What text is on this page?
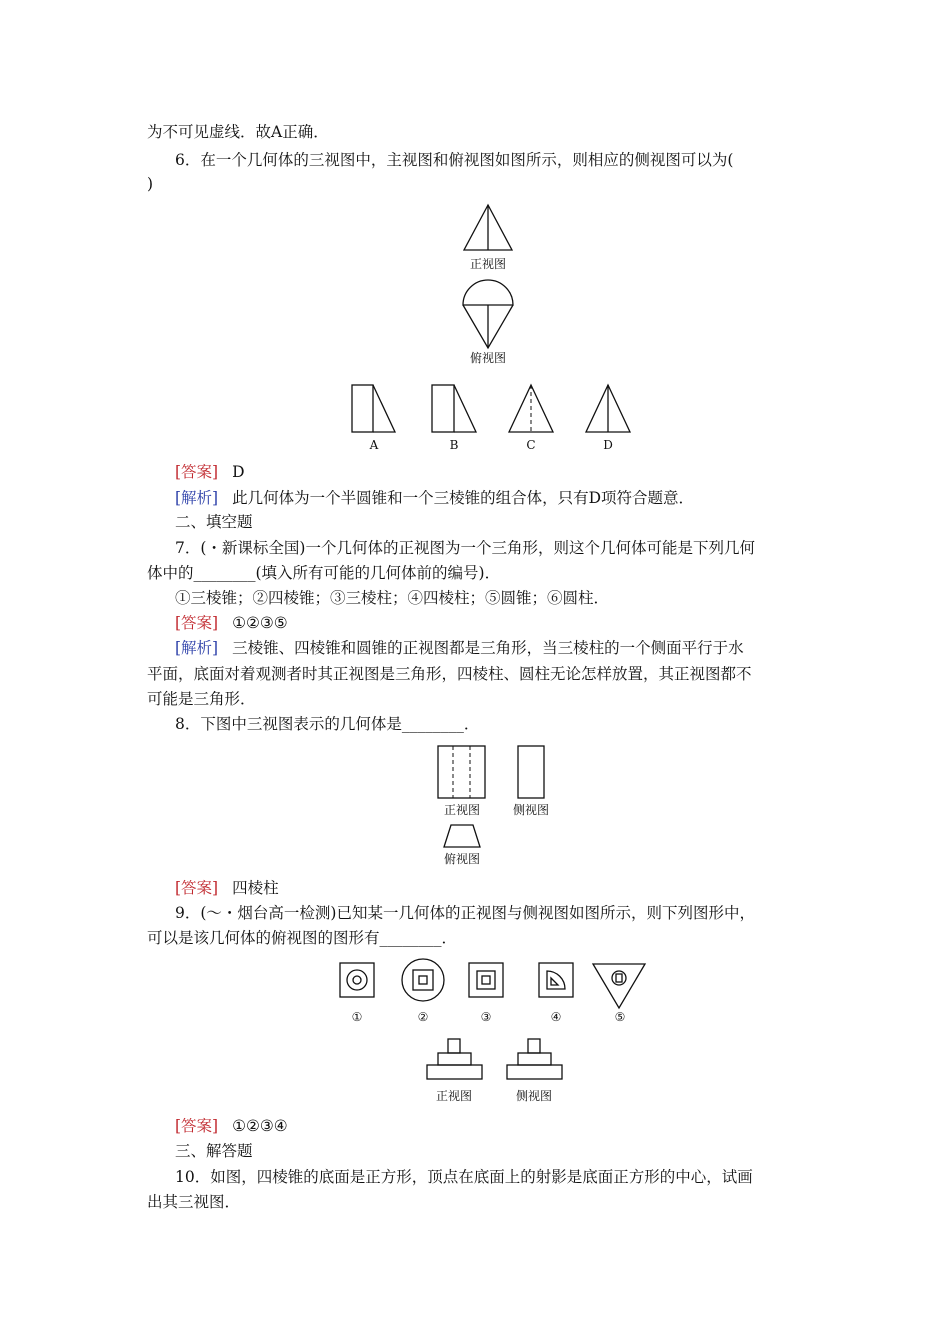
为不可见虚线．故A正确．
6．在一个几何体的三视图中，主视图和俯视图如图所示，则相应的侧视图可以为(
)
正视图
俯视图
A	B	C	D
[答案] D
[解析] 此几何体为一个半圆锥和一个三棱锥的组合体，只有D项符合题意．
二、填空题
7．(・新课标全国)一个几何体的正视图为一个三角形，则这个几何体可能是下列几何
体中的________(填入所有可能的几何体前的编号)．
①三棱锥；②四棱锥；③三棱柱；④四棱柱；⑤圆锥；⑥圆柱．
[答案] ①②③⑤
[解析] 三棱锥、四棱锥和圆锥的正视图都是三角形，当三棱柱的一个侧面平行于水
平面，底面对着观测者时其正视图是三角形，四棱柱、圆柱无论怎样放置，其正视图都不
可能是三角形．
8．下图中三视图表示的几何体是________．
正视图	侧视图
俯视图
[答案] 四棱柱
9．(～・烟台高一检测)已知某一几何体的正视图与侧视图如图所示，则下列图形中，
可以是该几何体的俯视图的图形有________．
①	②	③	④	⑤
正视图	侧视图
[答案] ①②③④
三、解答题
10．如图，四棱锥的底面是正方形，顶点在底面上的射影是底面正方形的中心，试画
出其三视图．
